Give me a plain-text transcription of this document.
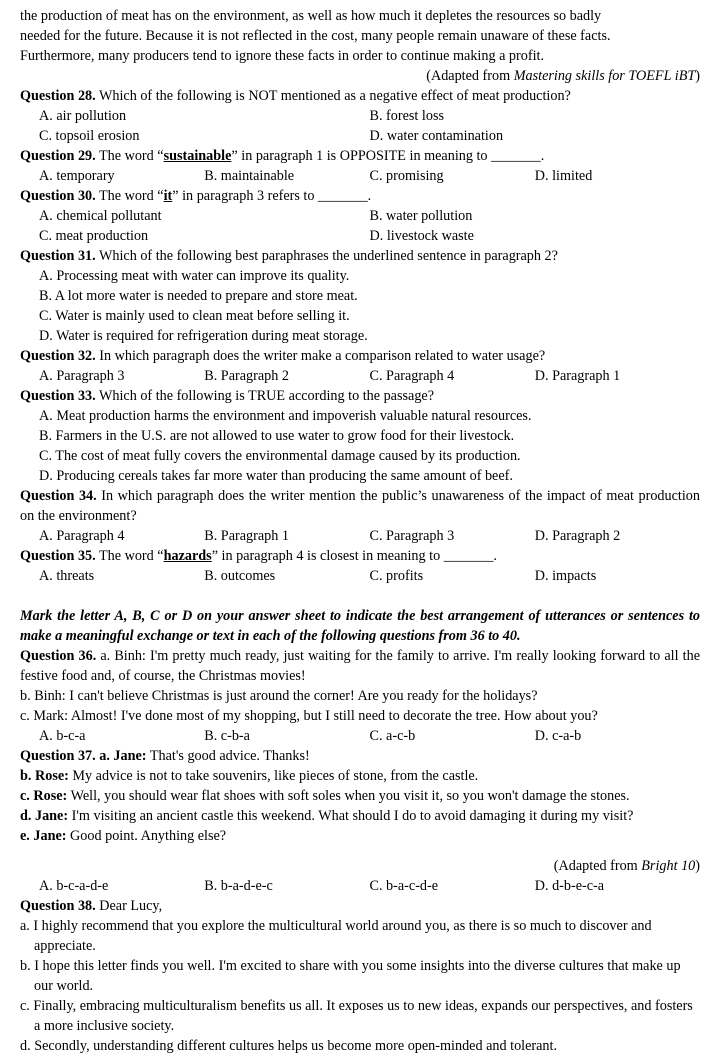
the production of meat has on the environment, as well as how much it depletes the resources so badly

needed for the future. Because it is not reflected in the cost, many people remain unaware of these facts.

Furthermore, many producers tend to ignore these facts in order to continue making a profit.

(Adapted from Mastering skills for TOEFL iBT)

Question 28. Which of the following is NOT mentioned as a negative effect of meat production?

A. air pollution	B. forest loss
C. topsoil erosion	D. water contamination

Question 29. The word “sustainable” in paragraph 1 is OPPOSITE in meaning to _______.

A. temporary	B. maintainable	C. promising	D. limited

Question 30. The word “it” in paragraph 3 refers to _______.

A. chemical pollutant	B. water pollution
C. meat production	D. livestock waste

Question 31. Which of the following best paraphrases the underlined sentence in paragraph 2?

A. Processing meat with water can improve its quality.

B. A lot more water is needed to prepare and store meat.

C. Water is mainly used to clean meat before selling it.

D. Water is required for refrigeration during meat storage.

Question 32. In which paragraph does the writer make a comparison related to water usage?

A. Paragraph 3	B. Paragraph 2	C. Paragraph 4	D. Paragraph 1

Question 33. Which of the following is TRUE according to the passage?

A. Meat production harms the environment and impoverish valuable natural resources.

B. Farmers in the U.S. are not allowed to use water to grow food for their livestock.

C. The cost of meat fully covers the environmental damage caused by its production.

D. Producing cereals takes far more water than producing the same amount of beef.

Question 34. In which paragraph does the writer mention the public’s unawareness of the impact of meat production on the environment?

A. Paragraph 4	B. Paragraph 1	C. Paragraph 3	D. Paragraph 2

Question 35. The word “hazards” in paragraph 4 is closest in meaning to _______.

A. threats	B. outcomes	C. profits	D. impacts

Mark the letter A, B, C or D on your answer sheet to indicate the best arrangement of utterances or sentences to make a meaningful exchange or text in each of the following questions from 36 to 40.

Question 36. a. Binh: I'm pretty much ready, just waiting for the family to arrive. I'm really looking forward to all the festive food and, of course, the Christmas movies!

b. Binh: I can't believe Christmas is just around the corner! Are you ready for the holidays?

c. Mark: Almost! I've done most of my shopping, but I still need to decorate the tree. How about you?

A. b-c-a	B. c-b-a	C. a-c-b	D. c-a-b

Question 37. a. Jane: That's good advice. Thanks!

b. Rose: My advice is not to take souvenirs, like pieces of stone, from the castle.

c. Rose: Well, you should wear flat shoes with soft soles when you visit it, so you won't damage the stones.

d. Jane: I'm visiting an ancient castle this weekend. What should I do to avoid damaging it during my visit?

e. Jane: Good point. Anything else?

(Adapted from Bright 10)

A. b-c-a-d-e	B. b-a-d-e-c	C. b-a-c-d-e	D. d-b-e-c-a

Question 38. Dear Lucy,

a. I highly recommend that you explore the multicultural world around you, as there is so much to discover and appreciate.

b. I hope this letter finds you well. I'm excited to share with you some insights into the diverse cultures that make up our world.

c. Finally, embracing multiculturalism benefits us all. It exposes us to new ideas, expands our perspectives, and fosters a more inclusive society.

d. Secondly, understanding different cultures helps us become more open-minded and tolerant.
